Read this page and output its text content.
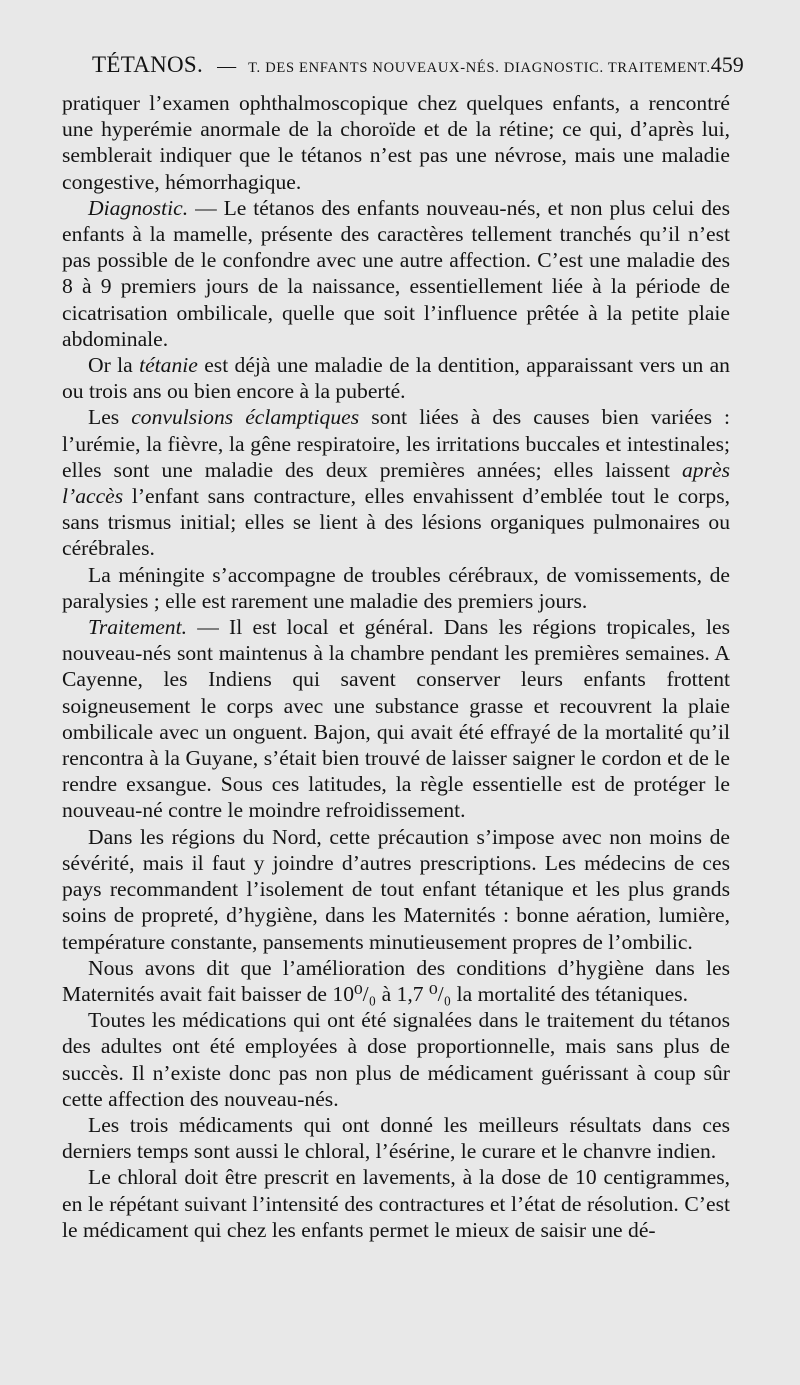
TÉTANOS. — T. DES ENFANTS NOUVEAUX-NÉS. DIAGNOSTIC. TRAITEMENT. 459

pratiquer l’examen ophthalmoscopique chez quelques enfants, a rencontré une hyperémie anormale de la choroïde et de la rétine; ce qui, d’après lui, semblerait indiquer que le tétanos n’est pas une névrose, mais une maladie congestive, hémorrhagique.

Diagnostic. — Le tétanos des enfants nouveau-nés, et non plus celui des enfants à la mamelle, présente des caractères tellement tranchés qu’il n’est pas possible de le confondre avec une autre affection. C’est une maladie des 8 à 9 premiers jours de la naissance, essentiellement liée à la période de cicatrisation ombilicale, quelle que soit l’influence prêtée à la petite plaie abdominale.

Or la tétanie est déjà une maladie de la dentition, apparaissant vers un an ou trois ans ou bien encore à la puberté.

Les convulsions éclamptiques sont liées à des causes bien variées : l’urémie, la fièvre, la gêne respiratoire, les irritations buccales et intestinales; elles sont une maladie des deux premières années; elles laissent après l’accès l’enfant sans contracture, elles envahissent d’emblée tout le corps, sans trismus initial; elles se lient à des lésions organiques pulmonaires ou cérébrales.

La méningite s’accompagne de troubles cérébraux, de vomissements, de paralysies ; elle est rarement une maladie des premiers jours.

Traitement. — Il est local et général. Dans les régions tropicales, les nouveau-nés sont maintenus à la chambre pendant les premières semaines. A Cayenne, les Indiens qui savent conserver leurs enfants frottent soigneusement le corps avec une substance grasse et recouvrent la plaie ombilicale avec un onguent. Bajon, qui avait été effrayé de la mortalité qu’il rencontra à la Guyane, s’était bien trouvé de laisser saigner le cordon et de le rendre exsangue. Sous ces latitudes, la règle essentielle est de protéger le nouveau-né contre le moindre refroidissement.

Dans les régions du Nord, cette précaution s’impose avec non moins de sévérité, mais il faut y joindre d’autres prescriptions. Les médecins de ces pays recommandent l’isolement de tout enfant tétanique et les plus grands soins de propreté, d’hygiène, dans les Maternités : bonne aération, lumière, température constante, pansements minutieusement propres de l’ombilic.

Nous avons dit que l’amélioration des conditions d’hygiène dans les Maternités avait fait baisser de 10⁰/₀ à 1,7 ⁰/₀ la mortalité des tétaniques.

Toutes les médications qui ont été signalées dans le traitement du tétanos des adultes ont été employées à dose proportionnelle, mais sans plus de succès. Il n’existe donc pas non plus de médicament guérissant à coup sûr cette affection des nouveau-nés.

Les trois médicaments qui ont donné les meilleurs résultats dans ces derniers temps sont aussi le chloral, l’ésérine, le curare et le chanvre indien.

Le chloral doit être prescrit en lavements, à la dose de 10 centigrammes, en le répétant suivant l’intensité des contractures et l’état de résolution. C’est le médicament qui chez les enfants permet le mieux de saisir une dé-
